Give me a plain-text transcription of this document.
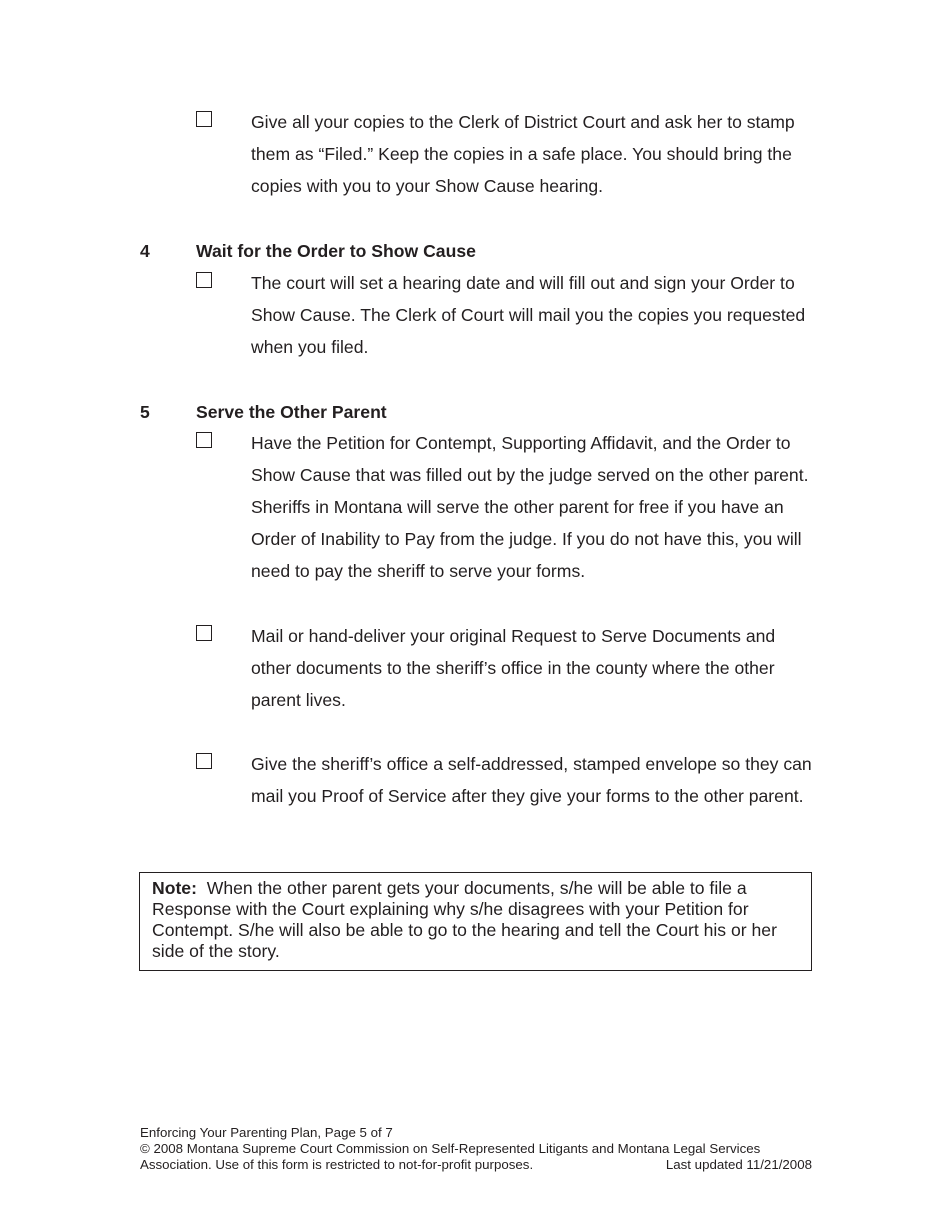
Give all your copies to the Clerk of District Court and ask her to stamp them as “Filed.” Keep the copies in a safe place. You should bring the copies with you to your Show Cause hearing.

4	Wait for the Order to Show Cause

The court will set a hearing date and will fill out and sign your Order to Show Cause. The Clerk of Court will mail you the copies you requested when you filed.

5	Serve the Other Parent

Have the Petition for Contempt, Supporting Affidavit, and the Order to Show Cause that was filled out by the judge served on the other parent. Sheriffs in Montana will serve the other parent for free if you have an Order of Inability to Pay from the judge. If you do not have this, you will need to pay the sheriff to serve your forms.

Mail or hand-deliver your original Request to Serve Documents and other documents to the sheriff’s office in the county where the other parent lives.

Give the sheriff’s office a self-addressed, stamped envelope so they can mail you Proof of Service after they give your forms to the other parent.

Note: When the other parent gets your documents, s/he will be able to file a Response with the Court explaining why s/he disagrees with your Petition for Contempt. S/he will also be able to go to the hearing and tell the Court his or her side of the story.
Enforcing Your Parenting Plan, Page 5 of 7
© 2008 Montana Supreme Court Commission on Self-Represented Litigants and Montana Legal Services
Association. Use of this form is restricted to not-for-profit purposes.	Last updated 11/21/2008
